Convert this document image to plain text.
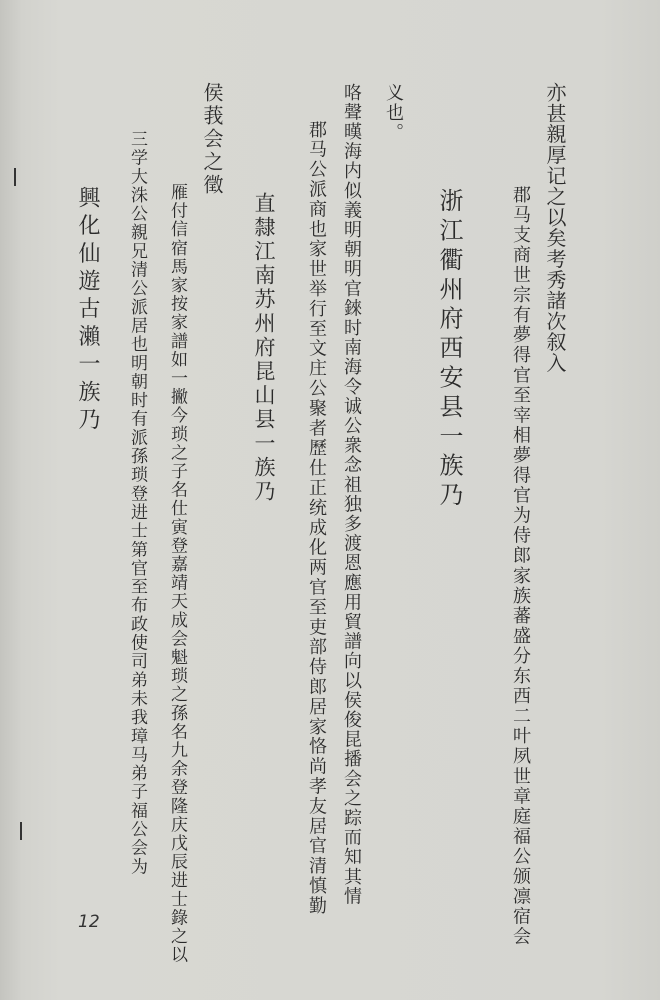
亦甚親厚记之以矣考秀諸次叙入
郡马支商世宗有夢得官至宰相夢得官为侍郎家族蕃盛分东西二叶夙世章庭福公颁凛宿会
浙江衢州府西安县一族乃
义也。
咯聲暵海内似義明朝明官錸时南海令诚公衆念祖独多渡恩應用貿譜向以侯俊昆播会之踪而知其情
郡马公派商也家世举行至文庄公聚者歷仕正统成化两官至吏部侍郎居家恪尚孝友居官清慎勤
直隸江南苏州府昆山县一族乃
侯莪会之徵
雁付信宿馬家按家譜如一撇今琐之子名仕寅登嘉靖天成会魁琐之孫名九余登隆庆戊辰进士錄之以
三学大洙公親兄清公派居也明朝时有派孫琐登进士第官至布政使司弟未我璋马弟子福公会为
興化仙遊古瀨一族乃
12
